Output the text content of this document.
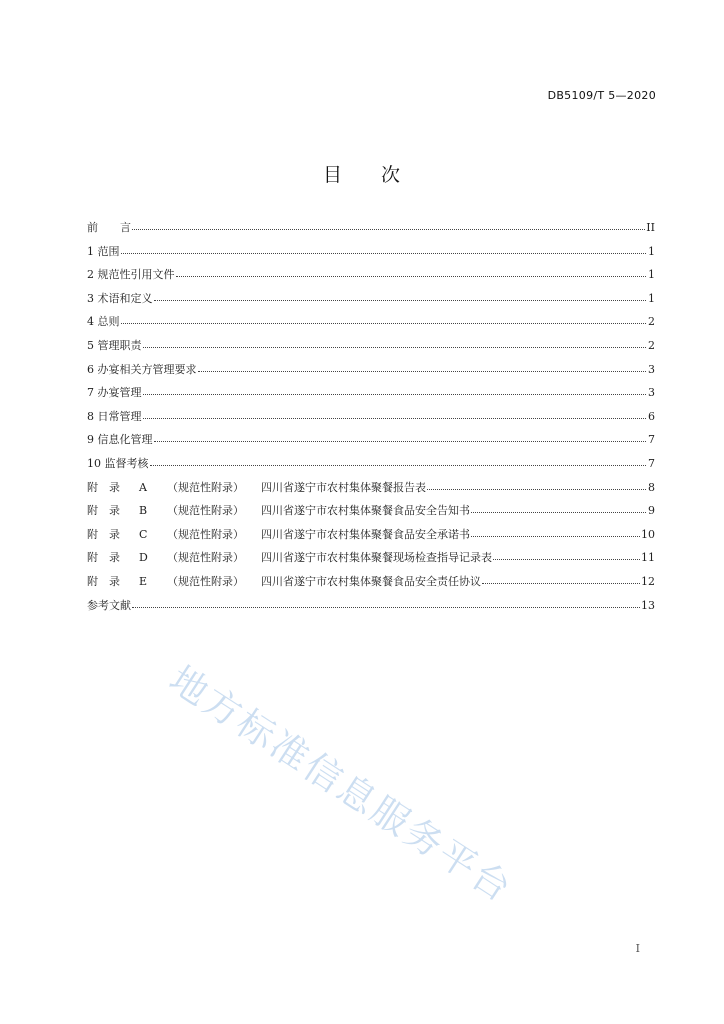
DB5109/T 5—2020
目 次
前　　言	II
1 范围	1
2 规范性引用文件	1
3 术语和定义	1
4 总则	2
5 管理职责	2
6 办宴相关方管理要求	3
7 办宴管理	3
8 日常管理	6
9 信息化管理	7
10 监督考核	7
附　录 A （规范性附录） 四川省遂宁市农村集体聚餐报告表	8
附　录 B （规范性附录） 四川省遂宁市农村集体聚餐食品安全告知书	9
附　录 C （规范性附录） 四川省遂宁市农村集体聚餐食品安全承诺书	10
附　录 D （规范性附录） 四川省遂宁市农村集体聚餐现场检查指导记录表	11
附　录 E （规范性附录） 四川省遂宁市农村集体聚餐食品安全责任协议	12
参考文献	13
地方标准信息服务平台
I
